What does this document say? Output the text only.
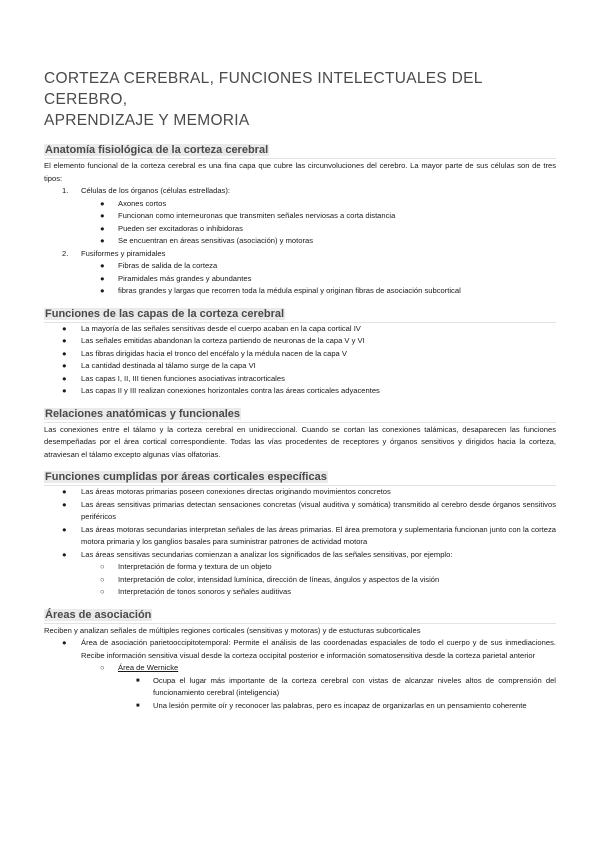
CORTEZA CEREBRAL, FUNCIONES INTELECTUALES DEL CEREBRO,
APRENDIZAJE Y MEMORIA
Anatomía fisiológica de la corteza cerebral

El elemento funcional de la corteza cerebral es una fina capa que cubre las circunvoluciones del cerebro. La mayor parte de sus células son de tres tipos:

1. Células de los órganos (células estrelladas):
● Axones cortos
● Funcionan como interneuronas que transmiten señales nerviosas a corta distancia
● Pueden ser excitadoras o inhibidoras
● Se encuentran en áreas sensitivas (asociación) y motoras
2. Fusiformes y piramidales
● Fibras de salida de la corteza
● Piramidales más grandes y abundantes
● fibras grandes y largas que recorren toda la médula espinal y originan fibras de asociación subcortical
Funciones de las capas de la corteza cerebral
● La mayoría de las señales sensitivas desde el cuerpo acaban en la capa cortical IV
● Las señales emitidas abandonan la corteza partiendo de neuronas de la capa V y VI
● Las fibras dirigidas hacia el tronco del encéfalo y la médula nacen de la capa V
● La cantidad destinada al tálamo surge de la capa VI
● Las capas I, II, III tienen funciones asociativas intracorticales
● Las capas II y III realizan conexiones horizontales contra las áreas corticales adyacentes
Relaciones anatómicas y funcionales

Las conexiones entre el tálamo y la corteza cerebral en unidireccional. Cuando se cortan las conexiones talámicas, desaparecen las funciones desempeñadas por el área cortical correspondiente. Todas las vías procedentes de receptores y órganos sensitivos y dirigidos hacia la corteza, atraviesan el tálamo excepto algunas vías olfatorias.

Funciones cumplidas por áreas corticales específicas
● Las áreas motoras primarias poseen conexiones directas originando movimientos concretos
● Las áreas sensitivas primarias detectan sensaciones concretas (visual auditiva y somática) transmitido al cerebro desde órganos sensitivos periféricos
● Las áreas motoras secundarias interpretan señales de las áreas primarias. El área premotora y suplementaria funcionan junto con la corteza motora primaria y los ganglios basales para suministrar patrones de actividad motora
● Las áreas sensitivas secundarias comienzan a analizar los significados de las señales sensitivas, por ejemplo:
○ Interpretación de forma y textura de un objeto
○ Interpretación de color, intensidad lumínica, dirección de líneas, ángulos y aspectos de la visión
○ Interpretación de tonos sonoros y señales auditivas
Áreas de asociación

Reciben y analizan señales de múltiples regiones corticales (sensitivas y motoras) y de estucturas subcorticales

● Área de asociación parietooccipitotemporal: Permite el análisis de las coordenadas espaciales de todo el cuerpo y de sus inmediaciones. Recibe información sensitiva visual desde la corteza occipital posterior e información somatosensitiva desde la corteza parietal anterior
○ Área de Wernicke
■ Ocupa el lugar más importante de la corteza cerebral con vistas de alcanzar niveles altos de comprensión del funcionamiento cerebral (inteligencia)
■ Una lesión permite oír y reconocer las palabras, pero es incapaz de organizarlas en un pensamiento coherente
